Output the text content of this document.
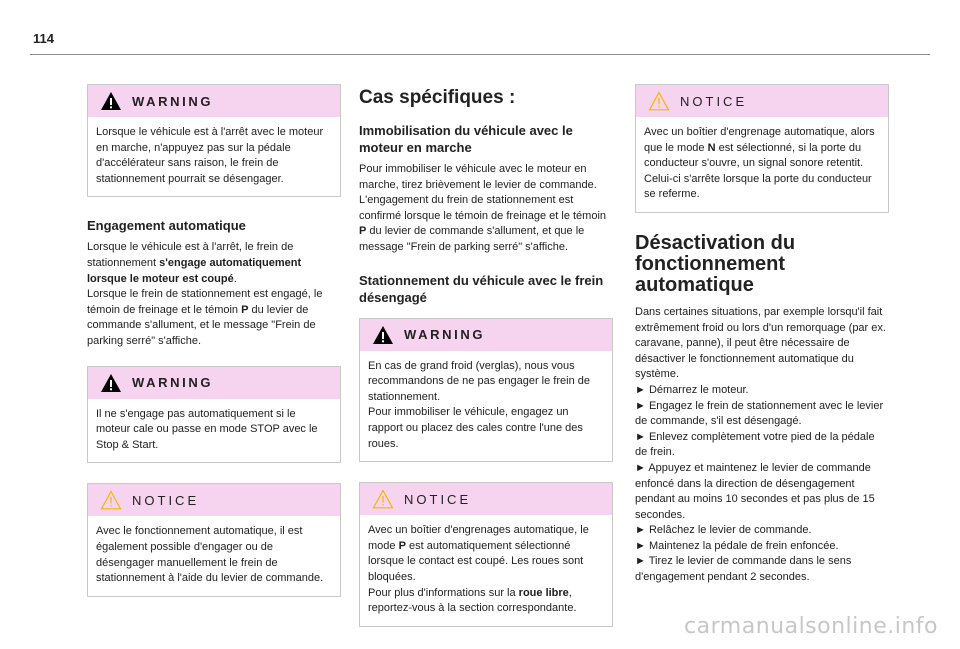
114
WARNING
Lorsque le véhicule est à l'arrêt avec le moteur en marche, n'appuyez pas sur la pédale d'accélérateur sans raison, le frein de stationnement pourrait se désengager.
Engagement automatique

Lorsque le véhicule est à l'arrêt, le frein de stationnement s'engage automatiquement lorsque le moteur est coupé.

Lorsque le frein de stationnement est engagé, le témoin de freinage et le témoin P du levier de commande s'allument, et le message "Frein de parking serré" s'affiche.

WARNING
Il ne s'engage pas automatiquement si le moteur cale ou passe en mode STOP avec le Stop & Start.
NOTICE
Avec le fonctionnement automatique, il est également possible d'engager ou de désengager manuellement le frein de stationnement à l'aide du levier de commande.
Cas spécifiques :
Immobilisation du véhicule avec le moteur en marche

Pour immobiliser le véhicule avec le moteur en marche, tirez brièvement le levier de commande. L'engagement du frein de stationnement est confirmé lorsque le témoin de freinage et le témoin P du levier de commande s'allument, et que le message "Frein de parking serré" s'affiche.

Stationnement du véhicule avec le frein désengagé
WARNING
En cas de grand froid (verglas), nous vous recommandons de ne pas engager le frein de stationnement.
Pour immobiliser le véhicule, engagez un rapport ou placez des cales contre l'une des roues.
NOTICE
Avec un boîtier d'engrenages automatique, le mode P est automatiquement sélectionné lorsque le contact est coupé. Les roues sont bloquées.
Pour plus d'informations sur la roue libre, reportez-vous à la section correspondante.
NOTICE
Avec un boîtier d'engrenage automatique, alors que le mode N est sélectionné, si la porte du conducteur s'ouvre, un signal sonore retentit. Celui-ci s'arrête lorsque la porte du conducteur se referme.
Désactivation du
fonctionnement
automatique

Dans certaines situations, par exemple lorsqu'il fait extrêmement froid ou lors d'un remorquage (par ex. caravane, panne), il peut être nécessaire de désactiver le fonctionnement automatique du système.

► Démarrez le moteur.
► Engagez le frein de stationnement avec le levier de commande, s'il est désengagé.
► Enlevez complètement votre pied de la pédale de frein.
► Appuyez et maintenez le levier de commande enfoncé dans la direction de désengagement pendant au moins 10 secondes et pas plus de 15 secondes.
► Relâchez le levier de commande.
► Maintenez la pédale de frein enfoncée.
► Tirez le levier de commande dans le sens d'engagement pendant 2 secondes.
carmanualsonline.info
